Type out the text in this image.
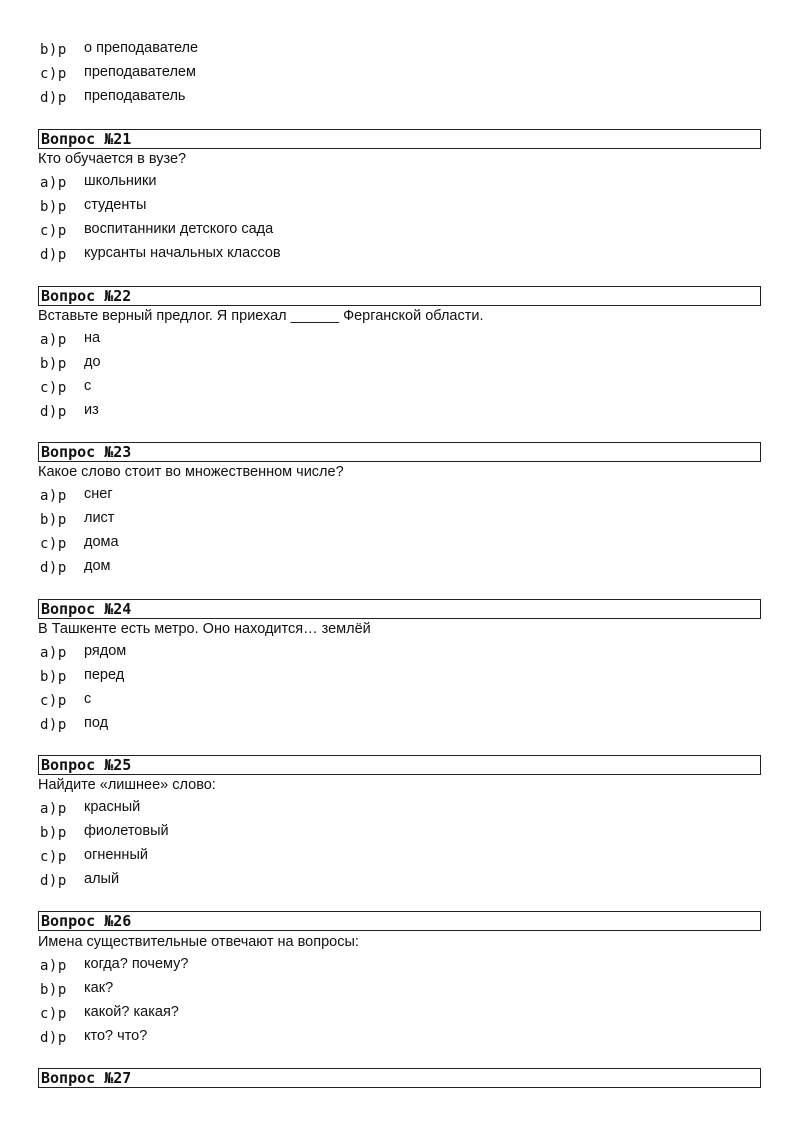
b)p	о преподавателе
c)p	преподавателем
d)p	преподаватель
Вопрос №21
Кто обучается в вузе?
a)p	школьники
b)p	студенты
c)p	воспитанники детского сада
d)p	курсанты начальных классов
Вопрос №22
Вставьте верный предлог. Я приехал ______ Ферганской области.
a)p	на
b)p	до
c)p	с
d)p	из
Вопрос №23
Какое слово стоит во множественном числе?
a)p	снег
b)p	лист
c)p	дома
d)p	дом
Вопрос №24
В Ташкенте есть метро. Оно находится… землёй
a)p	рядом
b)p	перед
c)p	с
d)p	под
Вопрос №25
Найдите «лишнее» слово:
a)p	красный
b)p	фиолетовый
c)p	огненный
d)p	алый
Вопрос №26
Имена существительные отвечают на вопросы:
a)p	когда? почему?
b)p	как?
c)p	какой? какая?
d)p	кто? что?
Вопрос №27
